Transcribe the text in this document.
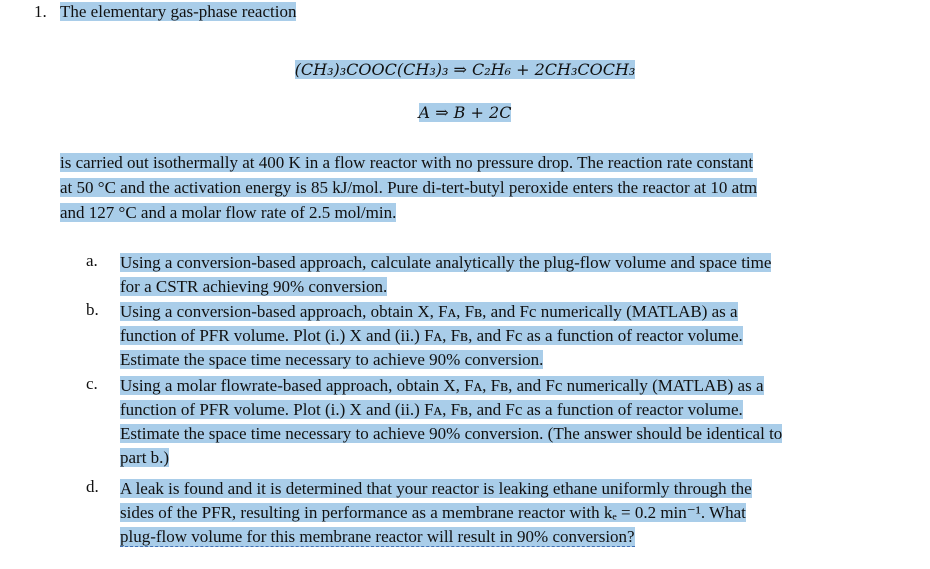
1. The elementary gas-phase reaction
(CH₃)₃COOC(CH₃)₃ ⇒ C₂H₆ + 2CH₃COCH₃
A ⇒ B + 2C
is carried out isothermally at 400 K in a flow reactor with no pressure drop. The reaction rate constant
at 50 °C and the activation energy is 85 kJ/mol. Pure di-tert-butyl peroxide enters the reactor at 10 atm
and 127 °C and a molar flow rate of 2.5 mol/min.
a. Using a conversion-based approach, calculate analytically the plug-flow volume and space time
for a CSTR achieving 90% conversion.
b. Using a conversion-based approach, obtain X, Fᴀ, Fв, and Fc numerically (MATLAB) as a
function of PFR volume. Plot (i.) X and (ii.) Fᴀ, Fв, and Fc as a function of reactor volume.
Estimate the space time necessary to achieve 90% conversion.
c. Using a molar flowrate-based approach, obtain X, Fᴀ, Fв, and Fc numerically (MATLAB) as a
function of PFR volume. Plot (i.) X and (ii.) Fᴀ, Fв, and Fc as a function of reactor volume.
Estimate the space time necessary to achieve 90% conversion. (The answer should be identical to
part b.)
d. A leak is found and it is determined that your reactor is leaking ethane uniformly through the
sides of the PFR, resulting in performance as a membrane reactor with kₑ = 0.2 min⁻¹. What
plug-flow volume for this membrane reactor will result in 90% conversion?
